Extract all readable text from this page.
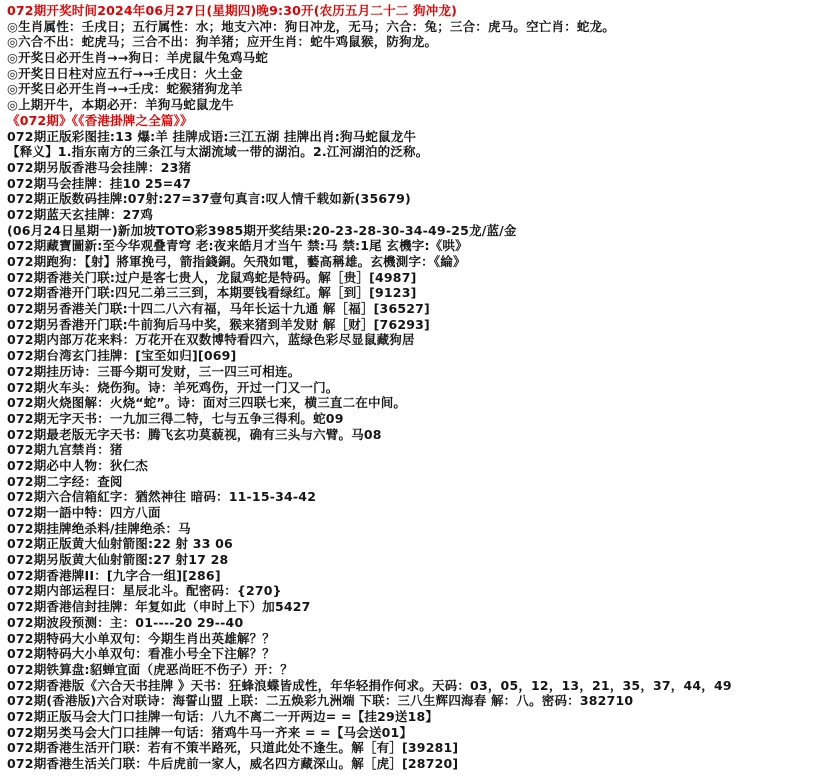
072期开奖时间2024年06月27日(星期四)晚9:30开(农历五月二十二 狗冲龙)
◎生肖属性：壬戌日；五行属性：水；地支六冲：狗日冲龙，无马；六合：兔；三合：虎马。空亡肖：蛇龙。
◎六合不出：蛇虎马；三合不出：狗羊猪；应开生肖：蛇牛鸡鼠猴，防狗龙。
◎开奖日必开生肖→→狗日：羊虎鼠牛兔鸡马蛇
◎开奖日日柱对应五行→→壬戌日：火土金
◎开奖日必开生肖→→壬戌：蛇猴猪狗龙羊
◎上期开牛，本期必开：羊狗马蛇鼠龙牛
《072期》《《香港掛牌之全篇》》
072期正版彩图挂:13 爆:羊 挂牌成语:三江五湖 挂牌出肖:狗马蛇鼠龙牛
【释义】1.指东南方的三条江与太湖流域一带的湖泊。2.江河湖泊的泛称。
072期另版香港马会挂牌：23猪
072期马会挂牌：挂10 25=47
072期正版数码挂牌:07射:27=37壹句真言:叹人情千载如新(35679)
072期蓝天玄挂牌：27鸡
(06月24日星期一)新加坡TOTO彩3985期开奖结果:20-23-28-30-34-49-25龙/蓝/金
072期藏寶圖新:至今华观叠青穹 老:夜来皓月才当午 禁:马 禁:1尾 玄機字:《哄》
072期跑狗：【射】將軍挽弓，箭指錢銅。矢飛如電，藝高稱雄。玄機測字：《綸》
072期香港关门联:过户是客七贵人，龙鼠鸡蛇是特码。解［贵］[4987]
072期香港开门联:四兄二弟三三到，本期要钱看绿红。解［到］[9123]
072期另香港关门联:十四二八六有福，马年长运十九通 解［福］[36527]
072期另香港开门联:牛前狗后马中奖，猴来猪到羊发财 解［财］[76293]
072期内部万花来料：万花开在双数博特看四六，蓝绿色彩尽显鼠藏狗居
072期台湾玄门挂牌：[宝至如归][069]
072期挂历诗：三哥今期可发财，三一四三可相连。
072期火车头：烧伤狗。诗：羊死鸡伤，开过一门又一门。
072期火烧图解：火烧“蛇”。诗：面对三四联七来，横三直二在中间。
072期无字天书：一九加三得二特，七与五争三得利。蛇09
072期最老版无字天书：腾飞玄功莫藐视，确有三头与六臂。马08
072期九宫禁肖：猪
072期必中人物：狄仁杰
072期二字经：查阅
072期六合信箱紅字：猶然神往 暗码：11-15-34-42
072期一語中特：四方八面
072期挂牌绝杀料/挂牌绝杀：马
072期正版黄大仙射箭图:22 射 33 06
072期另版黄大仙射箭图:27 射17 28
072期香港牌II：[九字合一组][286]
072期内部运程曰：星辰北斗。配密码：{270}
072期香港信封挂牌：年复如此（申时上下）加5427
072期波段预测：主：01----20 29--40
072期特码大小单双句：今期生肖出英雄解？？
072期特码大小单双句：看准小号全下注解？？
072期铁算盘:貂蝉宜面（虎恶尚旺不伤子）开：？
072期香港版《六合天书挂牌 》天书：狂蜂浪蝶皆成性，年华轻捐作何求。天码：03，05，12，13，21，35，37，44，49
072期(香港版)六合对联诗：海誓山盟 上联：二五焕彩九洲端 下联：三八生辉四海春 解：八。密码：382710
072期正版马会大门口挂牌一句话：八九不离二一开两边= =【挂29送18】
072期另类马会大门口挂牌一句话：猪鸡牛马一齐来 = =【马会送01】
072期香港生活开门联：若有不策半路死，只道此处不逢生。解［有］[39281]
072期香港生活关门联：牛后虎前一家人，威名四方藏深山。解［虎］[28720]
